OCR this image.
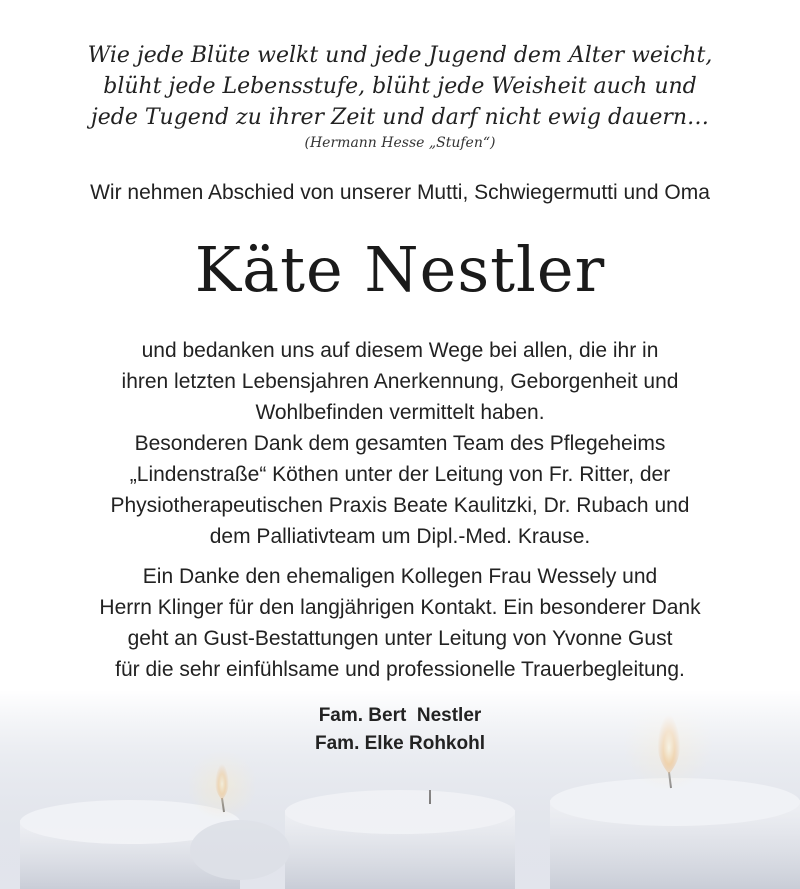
Wie jede Blüte welkt und jede Jugend dem Alter weicht,
blüht jede Lebensstufe, blüht jede Weisheit auch und
jede Tugend zu ihrer Zeit und darf nicht ewig dauern…
(Hermann Hesse „Stufen“)
Wir nehmen Abschied von unserer Mutti, Schwiegermutti und Oma
Käte Nestler
und bedanken uns auf diesem Wege bei allen, die ihr in
ihren letzten Lebensjahren Anerkennung, Geborgenheit und
Wohlbefinden vermittelt haben.
Besonderen Dank dem gesamten Team des Pflegeheims
„Lindenstraße“ Köthen unter der Leitung von Fr. Ritter, der
Physiotherapeutischen Praxis Beate Kaulitzki, Dr. Rubach und
dem Palliativteam um Dipl.-Med. Krause.
Ein Danke den ehemaligen Kollegen Frau Wessely und
Herrn Klinger für den langjährigen Kontakt. Ein besonderer Dank
geht an Gust-Bestattungen unter Leitung von Yvonne Gust
für die sehr einfühlsame und professionelle Trauerbegleitung.
Fam. Bert  Nestler
Fam. Elke Rohkohl
